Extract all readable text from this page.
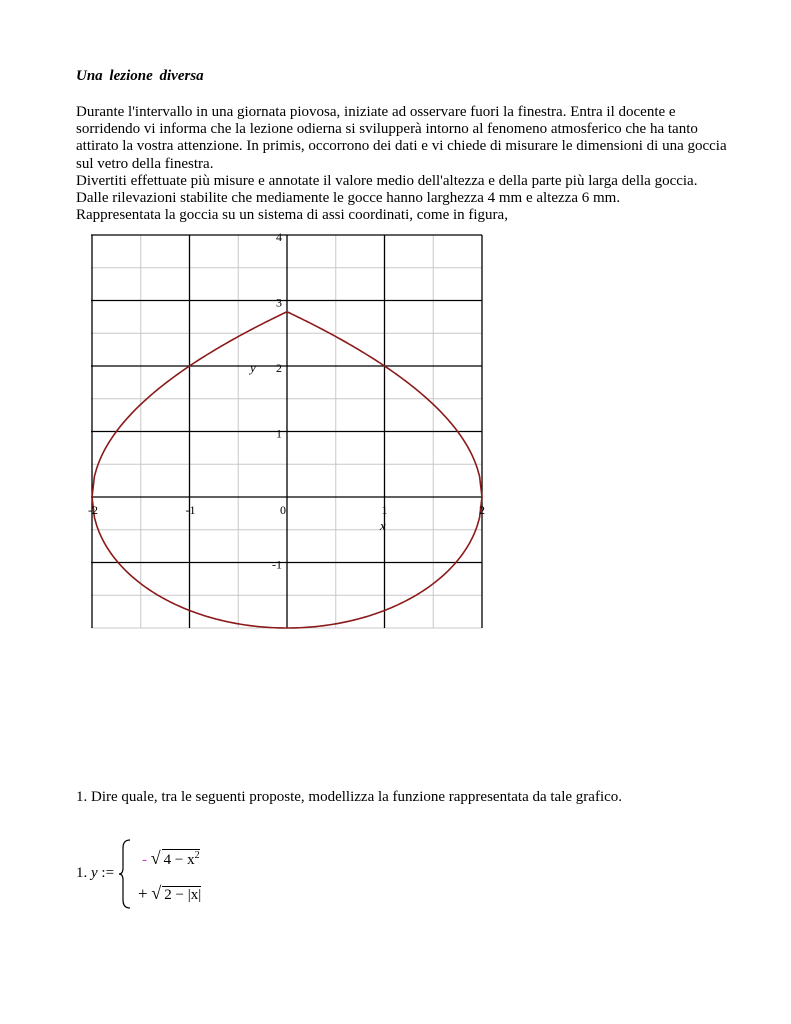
Una lezione diversa

Durante l'intervallo in una giornata piovosa, iniziate ad osservare fuori la finestra. Entra il docente e sorridendo vi informa che la lezione odierna si svilupperà intorno al fenomeno atmosferico che ha tanto attirato la vostra attenzione. In primis, occorrono dei dati e vi chiede di misurare le dimensioni di una goccia sul vetro della finestra.

Divertiti effettuate più misure e annotate il valore medio dell'altezza e della parte più larga della goccia.

Dalle rilevazioni stabilite che mediamente le gocce hanno larghezza 4 mm e altezza 6 mm.

Rappresentata la goccia su un sistema di assi coordinati, come in figura,

-2	-1	0	1	2
4
3
2
1
-1
x
y
1. Dire quale, tra le seguenti proposte, modellizza la funzione rappresentata da tale grafico.
1. y :=
- √ $4 - x^2$
+ √ 2 − |x|
